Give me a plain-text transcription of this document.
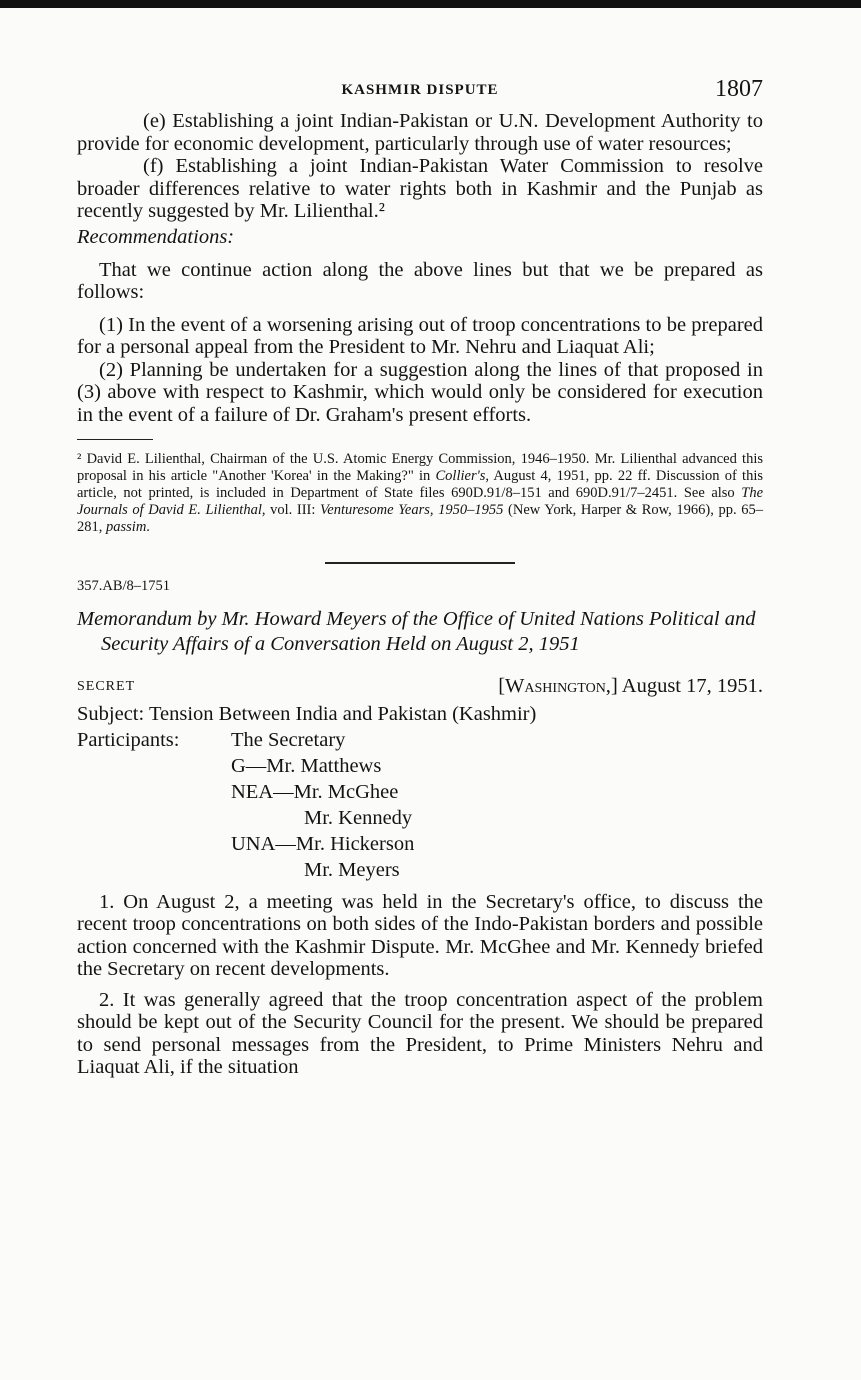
KASHMIR DISPUTE	1807

(e) Establishing a joint Indian-Pakistan or U.N. Development Authority to provide for economic development, particularly through use of water resources;

(f) Establishing a joint Indian-Pakistan Water Commission to resolve broader differences relative to water rights both in Kashmir and the Punjab as recently suggested by Mr. Lilienthal.²

Recommendations:

That we continue action along the above lines but that we be prepared as follows:

(1) In the event of a worsening arising out of troop concentrations to be prepared for a personal appeal from the President to Mr. Nehru and Liaquat Ali;

(2) Planning be undertaken for a suggestion along the lines of that proposed in (3) above with respect to Kashmir, which would only be considered for execution in the event of a failure of Dr. Graham's present efforts.

² David E. Lilienthal, Chairman of the U.S. Atomic Energy Commission, 1946–1950. Mr. Lilienthal advanced this proposal in his article "Another 'Korea' in the Making?" in Collier's, August 4, 1951, pp. 22 ff. Discussion of this article, not printed, is included in Department of State files 690D.91/8–151 and 690D.91/7–2451. See also The Journals of David E. Lilienthal, vol. III: Venturesome Years, 1950–1955 (New York, Harper & Row, 1966), pp. 65–281, passim.

357.AB/8–1751

Memorandum by Mr. Howard Meyers of the Office of United Nations Political and Security Affairs of a Conversation Held on August 2, 1951

SECRET	[Washington,] August 17, 1951.

Subject: Tension Between India and Pakistan (Kashmir)

Participants:	The Secretary
G—Mr. Matthews
NEA—Mr. McGhee
Mr. Kennedy
UNA—Mr. Hickerson
Mr. Meyers

1. On August 2, a meeting was held in the Secretary's office, to discuss the recent troop concentrations on both sides of the Indo-Pakistan borders and possible action concerned with the Kashmir Dispute. Mr. McGhee and Mr. Kennedy briefed the Secretary on recent developments.

2. It was generally agreed that the troop concentration aspect of the problem should be kept out of the Security Council for the present. We should be prepared to send personal messages from the President, to Prime Ministers Nehru and Liaquat Ali, if the situation
